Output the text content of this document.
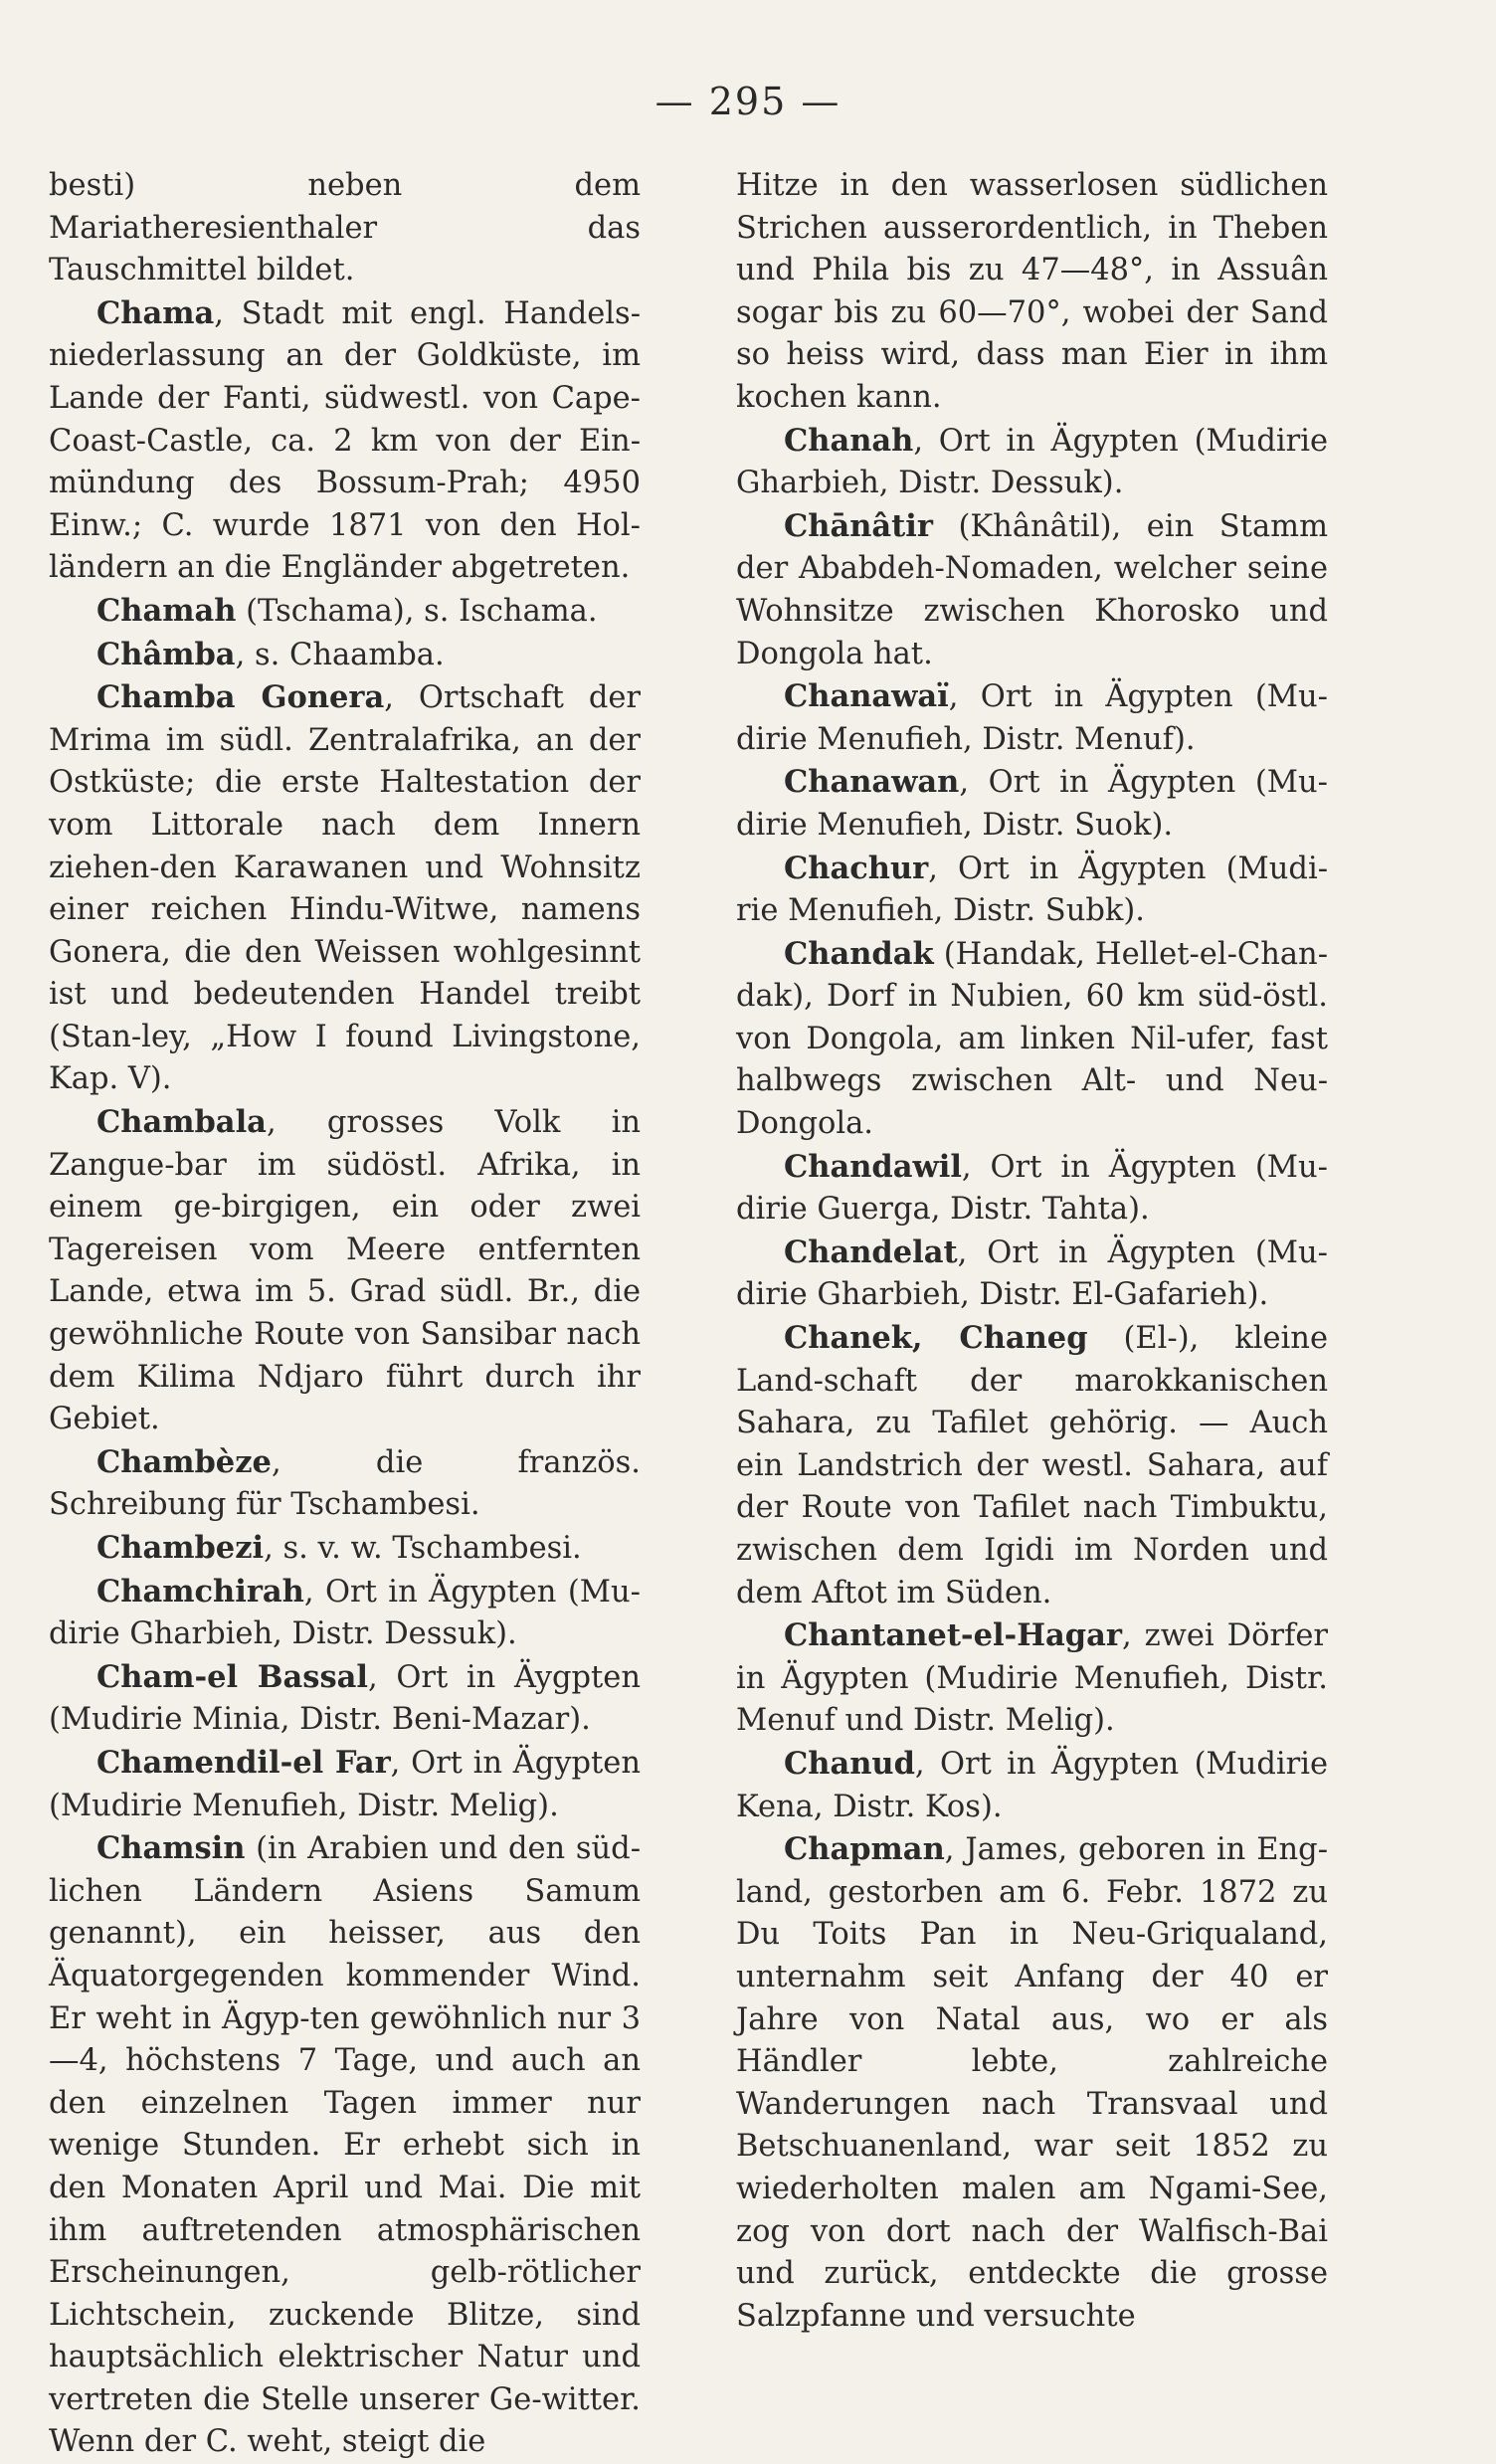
— 295 —

besti) neben dem Mariatheresienthaler das Tauschmittel bildet.

Chama, Stadt mit engl. Handels-niederlassung an der Goldküste, im Lande der Fanti, südwestl. von Cape-Coast-Castle, ca. 2 km von der Ein-mündung des Bossum-Prah; 4950 Einw.; C. wurde 1871 von den Hol-ländern an die Engländer abgetreten.

Chamah (Tschama), s. Ischama.

Châmba, s. Chaamba.

Chamba Gonera, Ortschaft der Mrima im südl. Zentralafrika, an der Ostküste; die erste Haltestation der vom Littorale nach dem Innern ziehen-den Karawanen und Wohnsitz einer reichen Hindu-Witwe, namens Gonera, die den Weissen wohlgesinnt ist und bedeutenden Handel treibt (Stan-ley, „How I found Livingstone, Kap. V).

Chambala, grosses Volk in Zangue-bar im südöstl. Afrika, in einem ge-birgigen, ein oder zwei Tagereisen vom Meere entfernten Lande, etwa im 5. Grad südl. Br., die gewöhnliche Route von Sansibar nach dem Kilima Ndjaro führt durch ihr Gebiet.

Chambèze, die französ. Schreibung für Tschambesi.

Chambezi, s. v. w. Tschambesi.

Chamchirah, Ort in Ägypten (Mu-dirie Gharbieh, Distr. Dessuk).

Cham-el Bassal, Ort in Äygpten (Mudirie Minia, Distr. Beni-Mazar).

Chamendil-el Far, Ort in Ägypten (Mudirie Menufieh, Distr. Melig).

Chamsin (in Arabien und den süd-lichen Ländern Asiens Samum genannt), ein heisser, aus den Äquatorgegenden kommender Wind. Er weht in Ägyp-ten gewöhnlich nur 3—4, höchstens 7 Tage, und auch an den einzelnen Tagen immer nur wenige Stunden. Er erhebt sich in den Monaten April und Mai. Die mit ihm auftretenden atmosphärischen Erscheinungen, gelb-rötlicher Lichtschein, zuckende Blitze, sind hauptsächlich elektrischer Natur und vertreten die Stelle unserer Ge-witter. Wenn der C. weht, steigt die

Hitze in den wasserlosen südlichen Strichen ausserordentlich, in Theben und Phila bis zu 47—48°, in Assuân sogar bis zu 60—70°, wobei der Sand so heiss wird, dass man Eier in ihm kochen kann.

Chanah, Ort in Ägypten (Mudirie Gharbieh, Distr. Dessuk).

Chānâtir (Khânâtil), ein Stamm der Ababdeh-Nomaden, welcher seine Wohnsitze zwischen Khorosko und Dongola hat.

Chanawaï, Ort in Ägypten (Mu-dirie Menufieh, Distr. Menuf).

Chanawan, Ort in Ägypten (Mu-dirie Menufieh, Distr. Suok).

Chachur, Ort in Ägypten (Mudi-rie Menufieh, Distr. Subk).

Chandak (Handak, Hellet-el-Chan-dak), Dorf in Nubien, 60 km süd-östl. von Dongola, am linken Nil-ufer, fast halbwegs zwischen Alt- und Neu-Dongola.

Chandawil, Ort in Ägypten (Mu-dirie Guerga, Distr. Tahta).

Chandelat, Ort in Ägypten (Mu-dirie Gharbieh, Distr. El-Gafarieh).

Chanek, Chaneg (El-), kleine Land-schaft der marokkanischen Sahara, zu Tafilet gehörig. — Auch ein Landstrich der westl. Sahara, auf der Route von Tafilet nach Timbuktu, zwischen dem Igidi im Norden und dem Aftot im Süden.

Chantanet-el-Hagar, zwei Dörfer in Ägypten (Mudirie Menufieh, Distr. Menuf und Distr. Melig).

Chanud, Ort in Ägypten (Mudirie Kena, Distr. Kos).

Chapman, James, geboren in Eng-land, gestorben am 6. Febr. 1872 zu Du Toits Pan in Neu-Griqualand, unternahm seit Anfang der 40 er Jahre von Natal aus, wo er als Händler lebte, zahlreiche Wanderungen nach Transvaal und Betschuanenland, war seit 1852 zu wiederholten malen am Ngami-See, zog von dort nach der Walfisch-Bai und zurück, entdeckte die grosse Salzpfanne und versuchte
